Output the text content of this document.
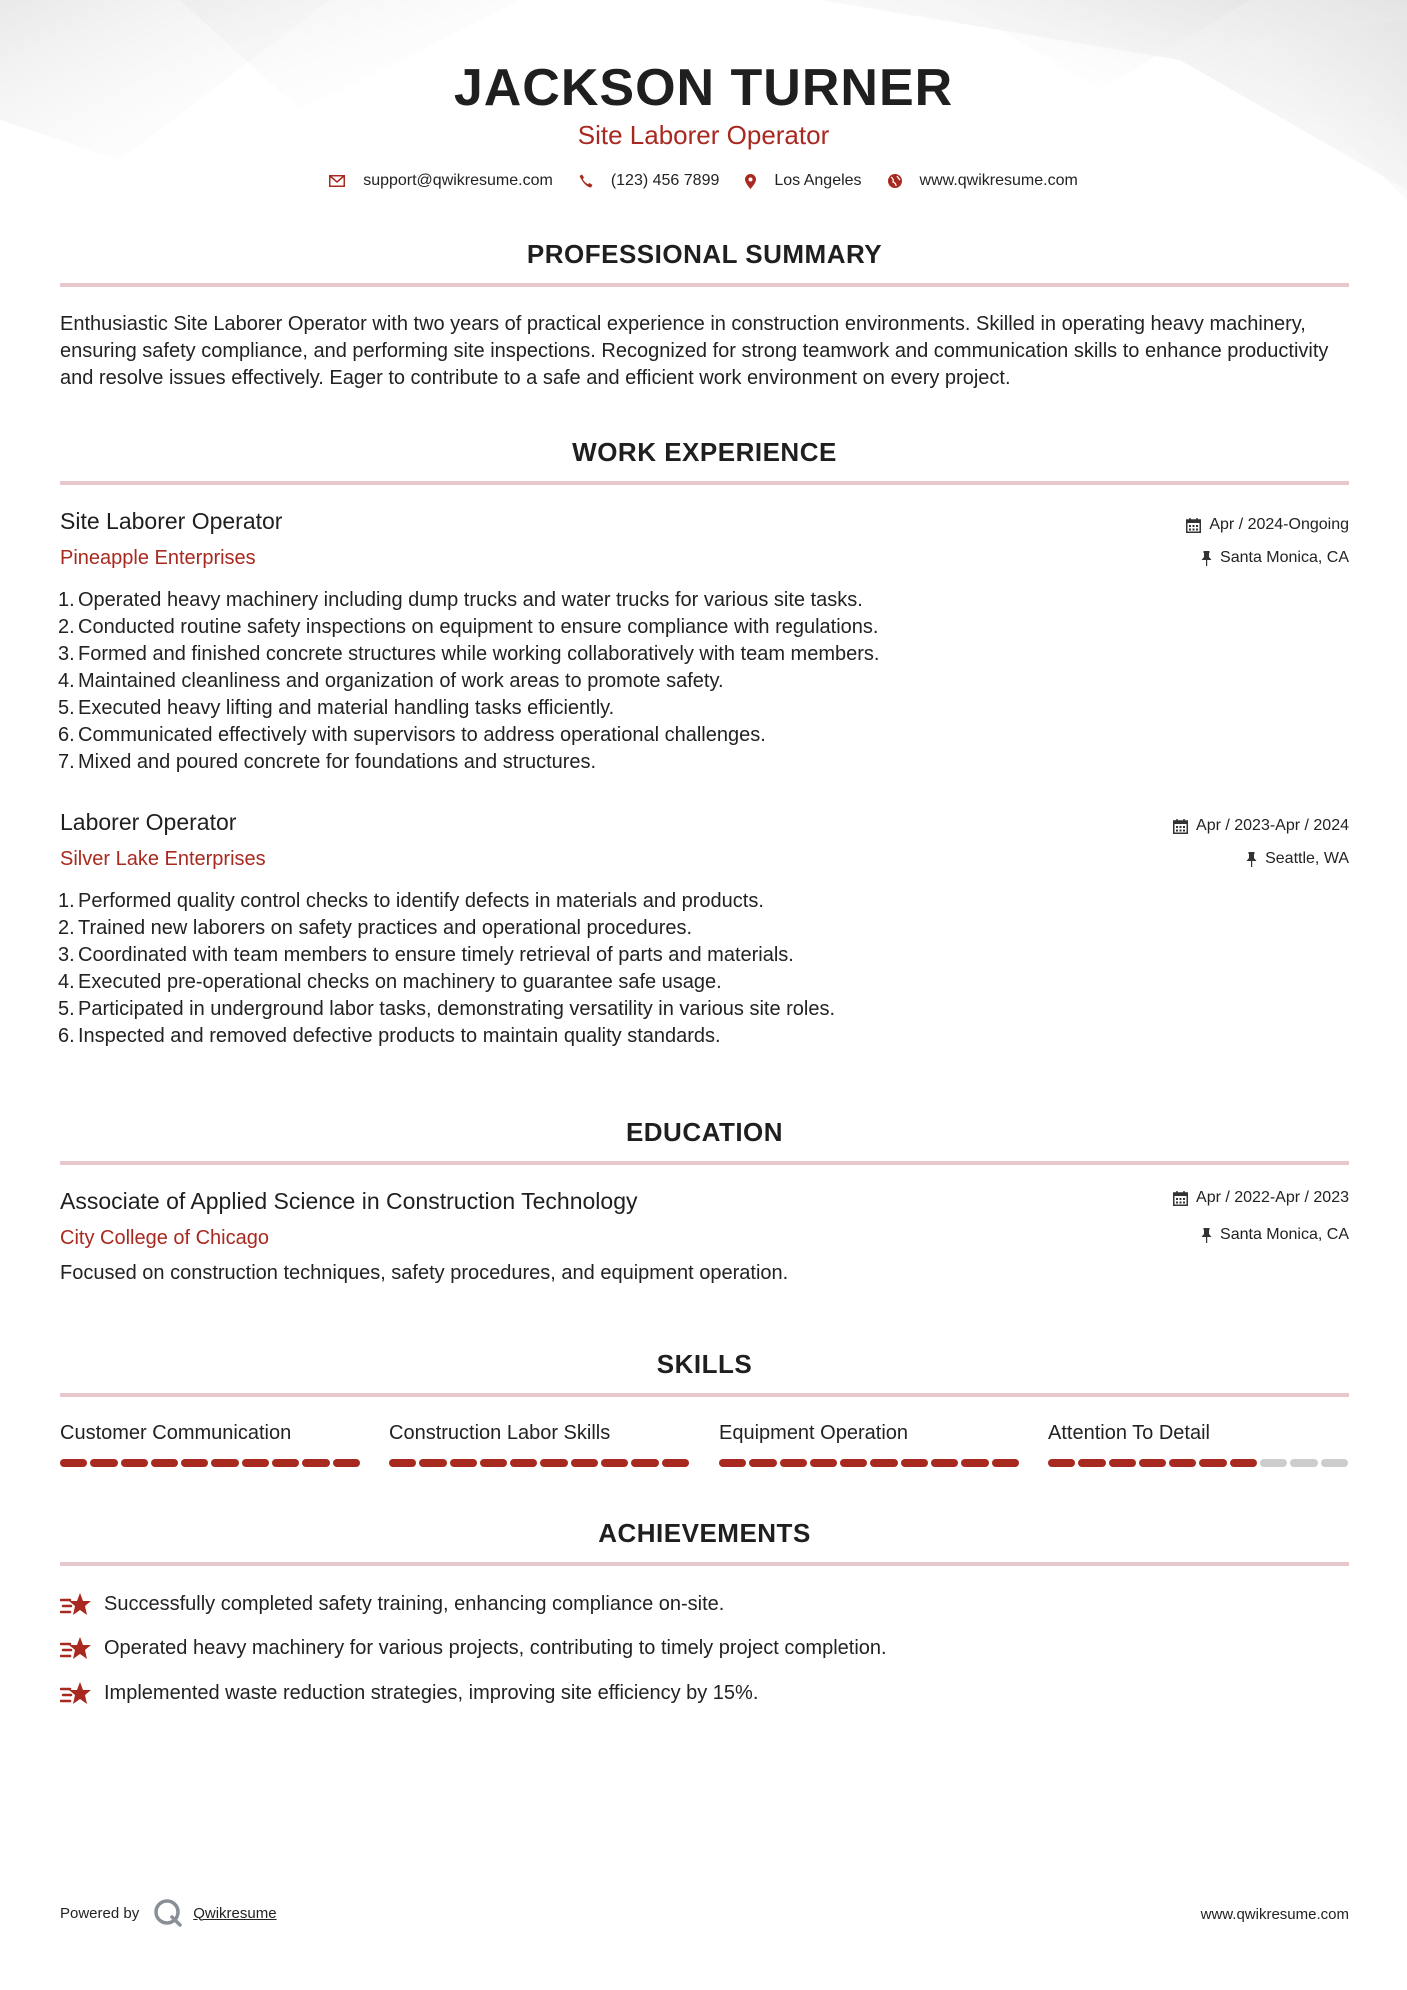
JACKSON TURNER
Site Laborer Operator
support@qwikresume.com	(123) 456 7899	Los Angeles	www.qwikresume.com
PROFESSIONAL SUMMARY
Enthusiastic Site Laborer Operator with two years of practical experience in construction environments. Skilled in operating heavy machinery, ensuring safety compliance, and performing site inspections. Recognized for strong teamwork and communication skills to enhance productivity and resolve issues effectively. Eager to contribute to a safe and efficient work environment on every project.
WORK EXPERIENCE
Site Laborer Operator
Pineapple Enterprises
Apr / 2024-Ongoing
Santa Monica, CA
1. Operated heavy machinery including dump trucks and water trucks for various site tasks.
2. Conducted routine safety inspections on equipment to ensure compliance with regulations.
3. Formed and finished concrete structures while working collaboratively with team members.
4. Maintained cleanliness and organization of work areas to promote safety.
5. Executed heavy lifting and material handling tasks efficiently.
6. Communicated effectively with supervisors to address operational challenges.
7. Mixed and poured concrete for foundations and structures.
Laborer Operator
Silver Lake Enterprises
Apr / 2023-Apr / 2024
Seattle, WA
1. Performed quality control checks to identify defects in materials and products.
2. Trained new laborers on safety practices and operational procedures.
3. Coordinated with team members to ensure timely retrieval of parts and materials.
4. Executed pre-operational checks on machinery to guarantee safe usage.
5. Participated in underground labor tasks, demonstrating versatility in various site roles.
6. Inspected and removed defective products to maintain quality standards.
EDUCATION
Associate of Applied Science in Construction Technology
City College of Chicago
Apr / 2022-Apr / 2023
Santa Monica, CA
Focused on construction techniques, safety procedures, and equipment operation.
SKILLS
Customer Communication	Construction Labor Skills	Equipment Operation	Attention To Detail
ACHIEVEMENTS
Successfully completed safety training, enhancing compliance on-site.
Operated heavy machinery for various projects, contributing to timely project completion.
Implemented waste reduction strategies, improving site efficiency by 15%.
Powered by	Qwikresume	www.qwikresume.com
